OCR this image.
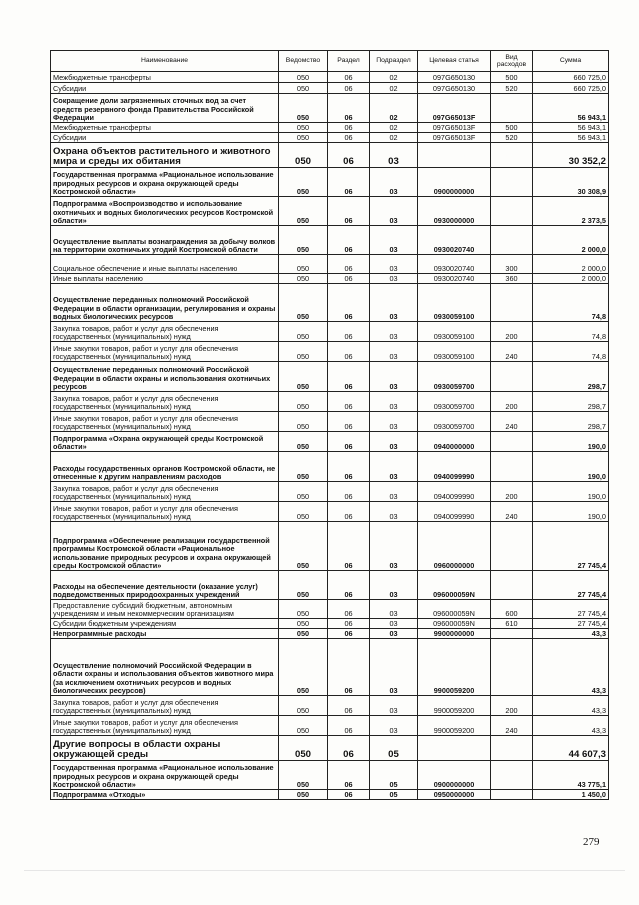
Наименование	Ведомство	Раздел	Подраздел	Целевая статья	Вид расходов	Сумма
Межбюджетные трансферты	050	06	02	097G650130	500	660 725,0
Субсидии	050	06	02	097G650130	520	660 725,0
Сокращение доли загрязненных сточных вод за счет средств резервного фонда Правительства Российской Федерации	050	06	02	097G65013F		56 943,1
Межбюджетные трансферты	050	06	02	097G65013F	500	56 943,1
Субсидии	050	06	02	097G65013F	520	56 943,1
Охрана объектов растительного и животного мира и среды их обитания	050	06	03			30 352,2
Государственная программа «Рациональное использование природных ресурсов и охрана окружающей среды Костромской области»	050	06	03	0900000000		30 308,9
Подпрограмма «Воспроизводство и использование охотничьих и водных биологических ресурсов Костромской области»	050	06	03	0930000000		2 373,5
Осуществление выплаты вознаграждения за добычу волков на территории охотничьих угодий Костромской области	050	06	03	0930020740		2 000,0
Социальное обеспечение и иные выплаты населению	050	06	03	0930020740	300	2 000,0
Иные выплаты населению	050	06	03	0930020740	360	2 000,0
Осуществление переданных полномочий Российской Федерации в области организации, регулирования и охраны водных биологических ресурсов	050	06	03	0930059100		74,8
Закупка товаров, работ и услуг для обеспечения государственных (муниципальных) нужд	050	06	03	0930059100	200	74,8
Иные закупки товаров, работ и услуг для обеспечения государственных (муниципальных) нужд	050	06	03	0930059100	240	74,8
Осуществление переданных полномочий Российской Федерации в области охраны и использования охотничьих ресурсов	050	06	03	0930059700		298,7
Закупка товаров, работ и услуг для обеспечения государственных (муниципальных) нужд	050	06	03	0930059700	200	298,7
Иные закупки товаров, работ и услуг для обеспечения государственных (муниципальных) нужд	050	06	03	0930059700	240	298,7
Подпрограмма «Охрана окружающей среды Костромской области»	050	06	03	0940000000		190,0
Расходы государственных органов Костромской области, не отнесенные к другим направлениям расходов	050	06	03	0940099990		190,0
Закупка товаров, работ и услуг для обеспечения государственных (муниципальных) нужд	050	06	03	0940099990	200	190,0
Иные закупки товаров, работ и услуг для обеспечения государственных (муниципальных) нужд	050	06	03	0940099990	240	190,0
Подпрограмма «Обеспечение реализации государственной программы Костромской области «Рациональное использование природных ресурсов и охрана окружающей среды Костромской области»	050	06	03	0960000000		27 745,4
Расходы на обеспечение деятельности (оказание услуг) подведомственных природоохранных учреждений	050	06	03	096000059N		27 745,4
Предоставление субсидий бюджетным, автономным учреждениям и иным некоммерческим организациям	050	06	03	096000059N	600	27 745,4
Субсидии бюджетным учреждениям	050	06	03	096000059N	610	27 745,4
Непрограммные расходы	050	06	03	9900000000		43,3
Осуществление полномочий Российской Федерации в области охраны и использования объектов животного мира (за исключением охотничьих ресурсов и водных биологических ресурсов)	050	06	03	9900059200		43,3
Закупка товаров, работ и услуг для обеспечения государственных (муниципальных) нужд	050	06	03	9900059200	200	43,3
Иные закупки товаров, работ и услуг для обеспечения государственных (муниципальных) нужд	050	06	03	9900059200	240	43,3
Другие вопросы в области охраны окружающей среды	050	06	05			44 607,3
Государственная программа «Рациональное использование природных ресурсов и охрана окружающей среды Костромской области»	050	06	05	0900000000		43 775,1
Подпрограмма «Отходы»	050	06	05	0950000000		1 450,0
279
